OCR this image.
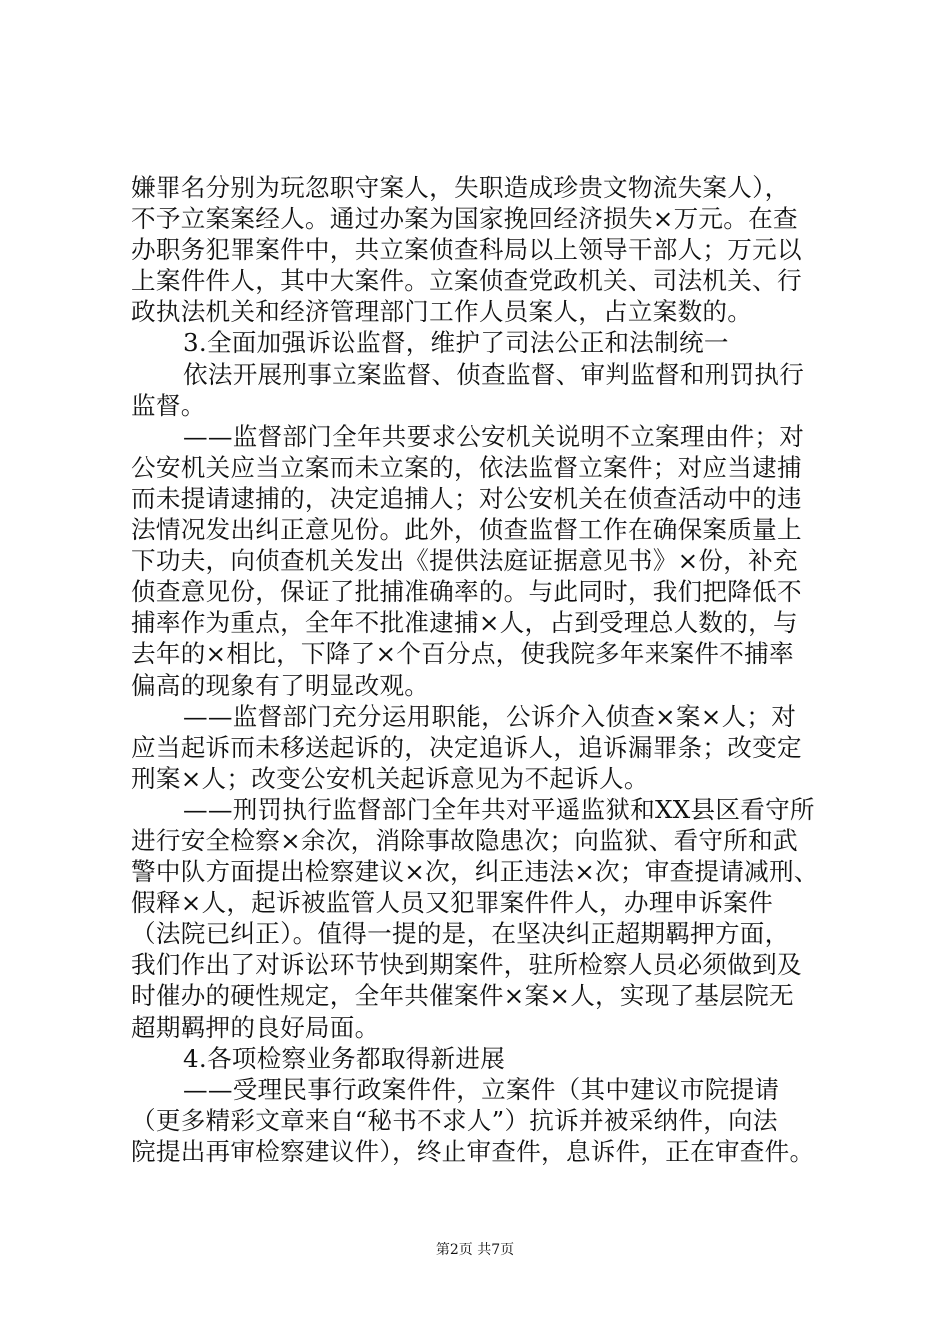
嫌罪名分别为玩忽职守案人，失职造成珍贵文物流失案人），
不予立案案经人。通过办案为国家挽回经济损失×万元。在查
办职务犯罪案件中，共立案侦查科局以上领导干部人；万元以
上案件件人，其中大案件。立案侦查党政机关、司法机关、行
政执法机关和经济管理部门工作人员案人，占立案数的。
3.全面加强诉讼监督，维护了司法公正和法制统一
依法开展刑事立案监督、侦查监督、审判监督和刑罚执行
监督。
——监督部门全年共要求公安机关说明不立案理由件；对
公安机关应当立案而未立案的，依法监督立案件；对应当逮捕
而未提请逮捕的，决定追捕人；对公安机关在侦查活动中的违
法情况发出纠正意见份。此外，侦查监督工作在确保案质量上
下功夫，向侦查机关发出《提供法庭证据意见书》×份，补充
侦查意见份，保证了批捕准确率的。与此同时，我们把降低不
捕率作为重点，全年不批准逮捕×人，占到受理总人数的，与
去年的×相比，下降了×个百分点，使我院多年来案件不捕率
偏高的现象有了明显改观。
——监督部门充分运用职能，公诉介入侦查×案×人；对
应当起诉而未移送起诉的，决定追诉人，追诉漏罪条；改变定
刑案×人；改变公安机关起诉意见为不起诉人。
——刑罚执行监督部门全年共对平遥监狱和XX县区看守所
进行安全检察×余次，消除事故隐患次；向监狱、看守所和武
警中队方面提出检察建议×次，纠正违法×次；审查提请减刑、
假释×人，起诉被监管人员又犯罪案件件人，办理申诉案件
（法院已纠正）。值得一提的是，在坚决纠正超期羁押方面，
我们作出了对诉讼环节快到期案件，驻所检察人员必须做到及
时催办的硬性规定，全年共催案件×案×人，实现了基层院无
超期羁押的良好局面。
4.各项检察业务都取得新进展
——受理民事行政案件件，立案件（其中建议市院提请
（更多精彩文章来自“秘书不求人”）抗诉并被采纳件，向法
院提出再审检察建议件），终止审查件，息诉件，正在审查件。
第2页 共7页
